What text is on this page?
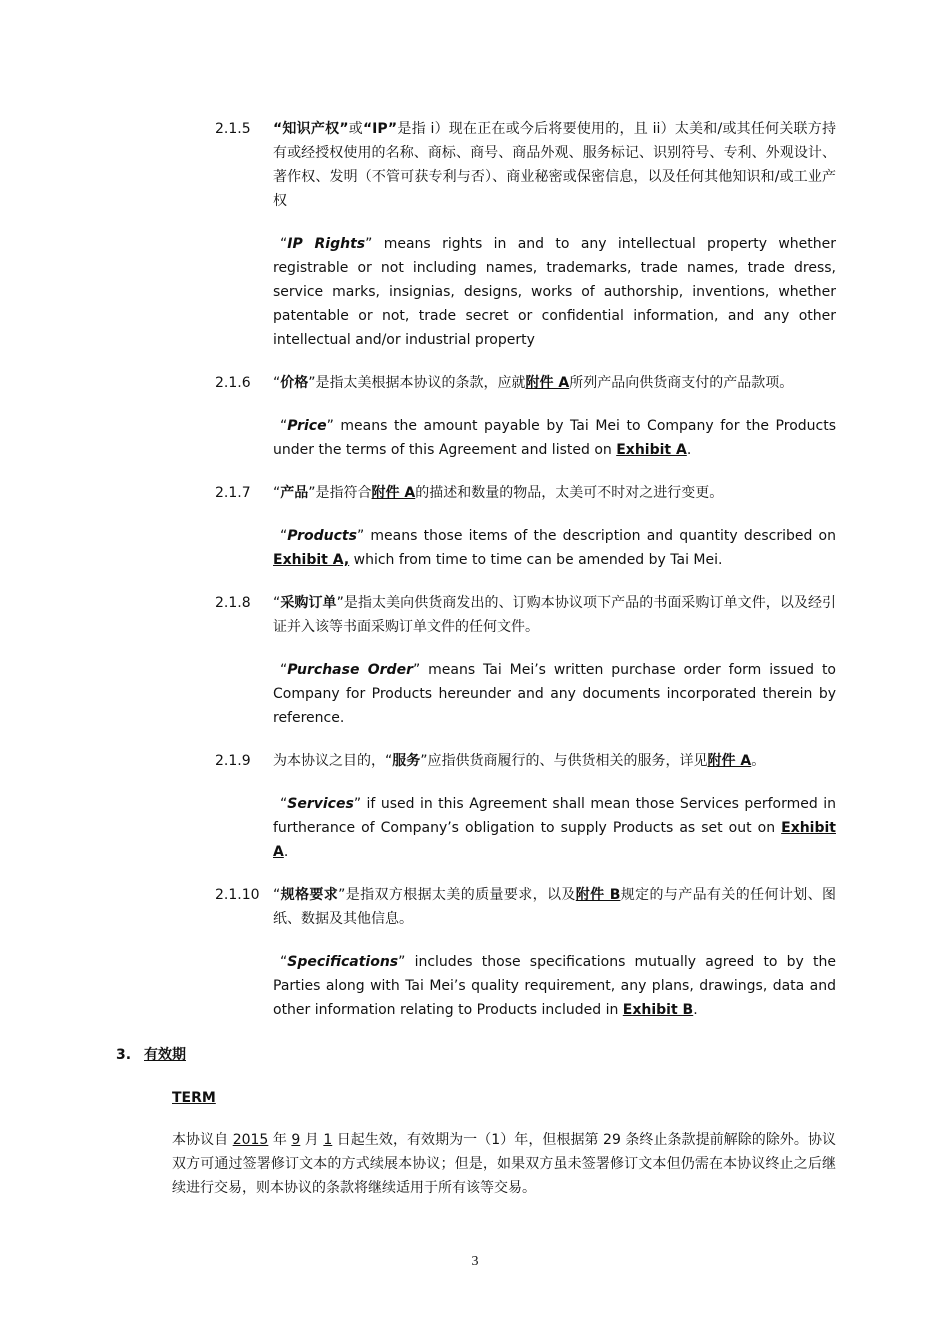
2.1.5 “知识产权”或“IP”是指 i）现在正在或今后将要使用的，且 ii）太美和/或其任何关联方持有或经授权使用的名称、商标、商号、商品外观、服务标记、识别符号、专利、外观设计、著作权、发明（不管可获专利与否）、商业秘密或保密信息，以及任何其他知识和/或工业产权
“IP Rights” means rights in and to any intellectual property whether registrable or not including names, trademarks, trade names, trade dress, service marks, insignias, designs, works of authorship, inventions, whether patentable or not, trade secret or confidential information, and any other intellectual and/or industrial property
2.1.6 “价格”是指太美根据本协议的条款，应就附件 A所列产品向供货商支付的产品款项。
“Price” means the amount payable by Tai Mei to Company for the Products under the terms of this Agreement and listed on Exhibit A.
2.1.7 “产品”是指符合附件 A的描述和数量的物品，太美可不时对之进行变更。
“Products” means those items of the description and quantity described on Exhibit A, which from time to time can be amended by Tai Mei.
2.1.8 “采购订单”是指太美向供货商发出的、订购本协议项下产品的书面采购订单文件，以及经引证并入该等书面采购订单文件的任何文件。
“Purchase Order” means Tai Mei’s written purchase order form issued to Company for Products hereunder and any documents incorporated therein by reference.
2.1.9 为本协议之目的，“服务”应指供货商履行的、与供货相关的服务，详见附件 A。
“Services” if used in this Agreement shall mean those Services performed in furtherance of Company’s obligation to supply Products as set out on Exhibit A.
2.1.10 “规格要求”是指双方根据太美的质量要求，以及附件 B规定的与产品有关的任何计划、图纸、数据及其他信息。
“Specifications” includes those specifications mutually agreed to by the Parties along with Tai Mei’s quality requirement, any plans, drawings, data and other information relating to Products included in Exhibit B.
3. 有效期
TERM
本协议自 2015 年 9 月 1 日起生效，有效期为一（1）年，但根据第 29 条终止条款提前解除的除外。协议双方可通过签署修订文本的方式续展本协议；但是，如果双方虽未签署修订文本但仍需在本协议终止之后继续进行交易，则本协议的条款将继续适用于所有该等交易。
3
